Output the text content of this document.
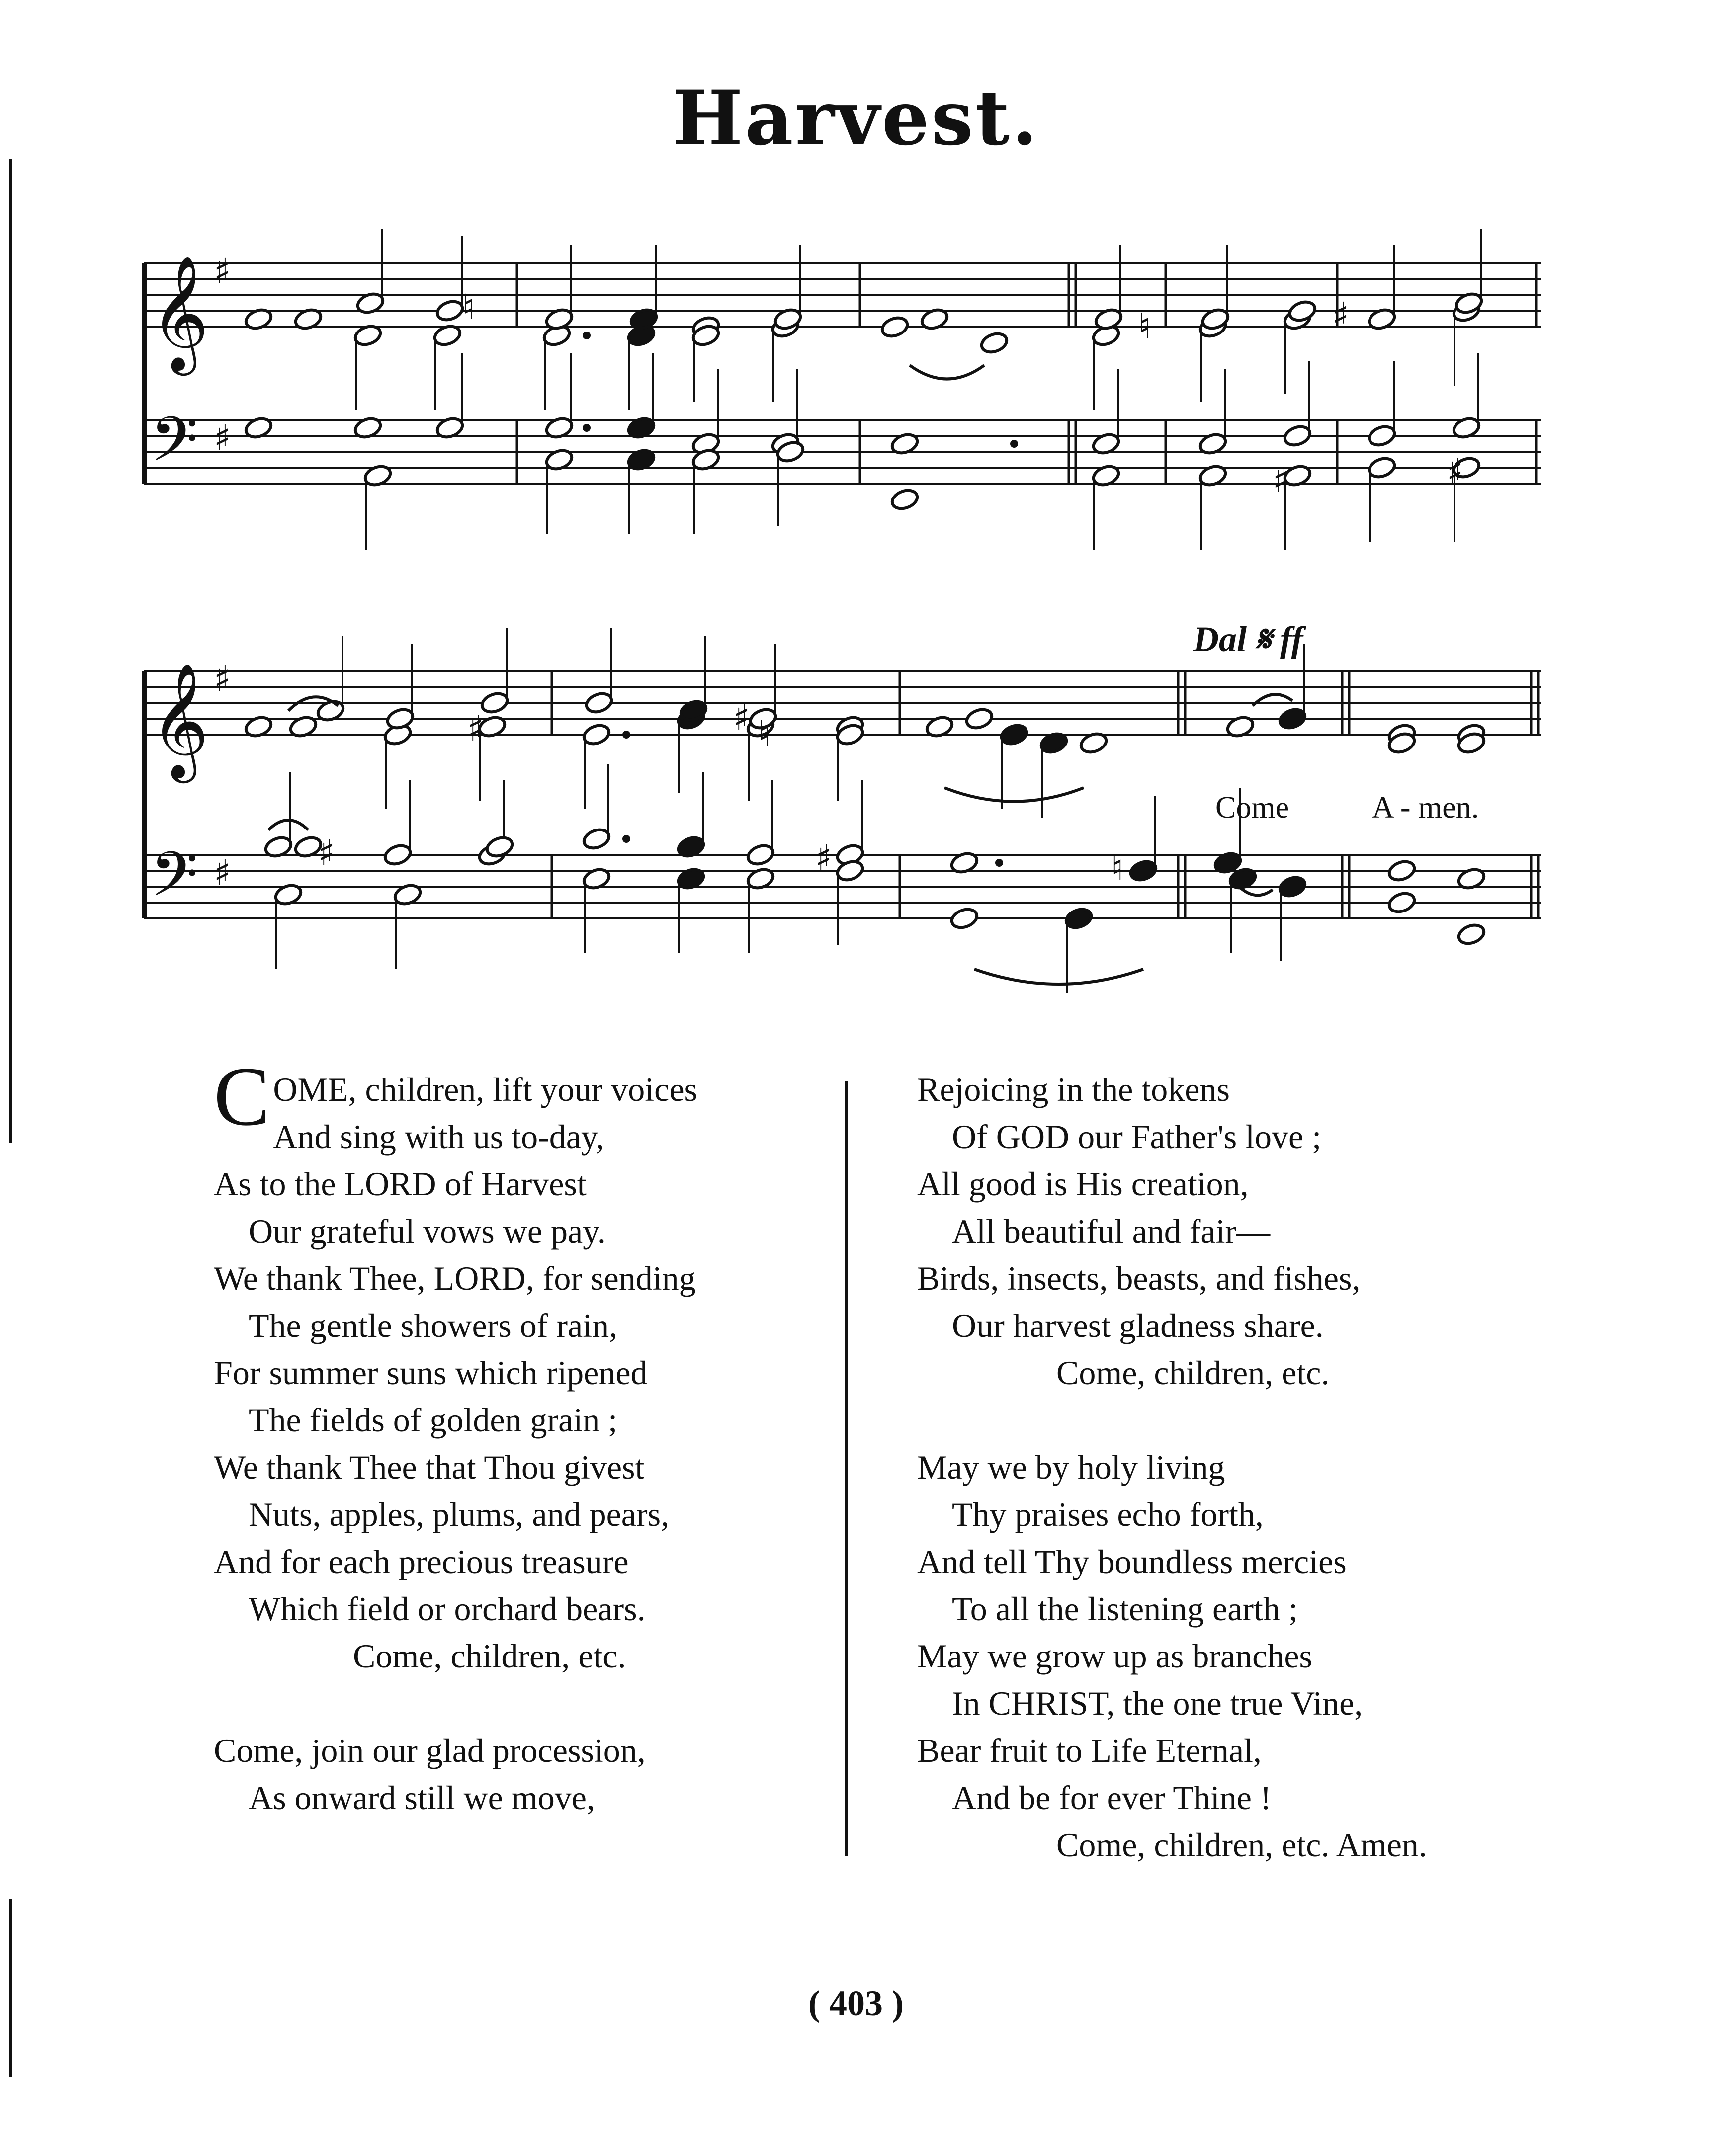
Harvest.
𝄞
𝄢
♯
♯
𝄞
𝄢
♯
♯
♯ ♮
♯	♯	♮
♮	♯
♯	♯
♮
♯
Dal 𝄋 ff
Come	A - men.
COME, children, lift your voices
And sing with us to-day,
As to the LORD of Harvest
Our grateful vows we pay.
We thank Thee, LORD, for sending
The gentle showers of rain,
For summer suns which ripened
The fields of golden grain ;
We thank Thee that Thou givest
Nuts, apples, plums, and pears,
And for each precious treasure
Which field or orchard bears.
Come, children, etc.
Come, join our glad procession,
As onward still we move,
Rejoicing in the tokens
Of GOD our Father's love ;
All good is His creation,
All beautiful and fair—
Birds, insects, beasts, and fishes,
Our harvest gladness share.
Come, children, etc.
May we by holy living
Thy praises echo forth,
And tell Thy boundless mercies
To all the listening earth ;
May we grow up as branches
In CHRIST, the one true Vine,
Bear fruit to Life Eternal,
And be for ever Thine !
Come, children, etc. Amen.
( 403 )
